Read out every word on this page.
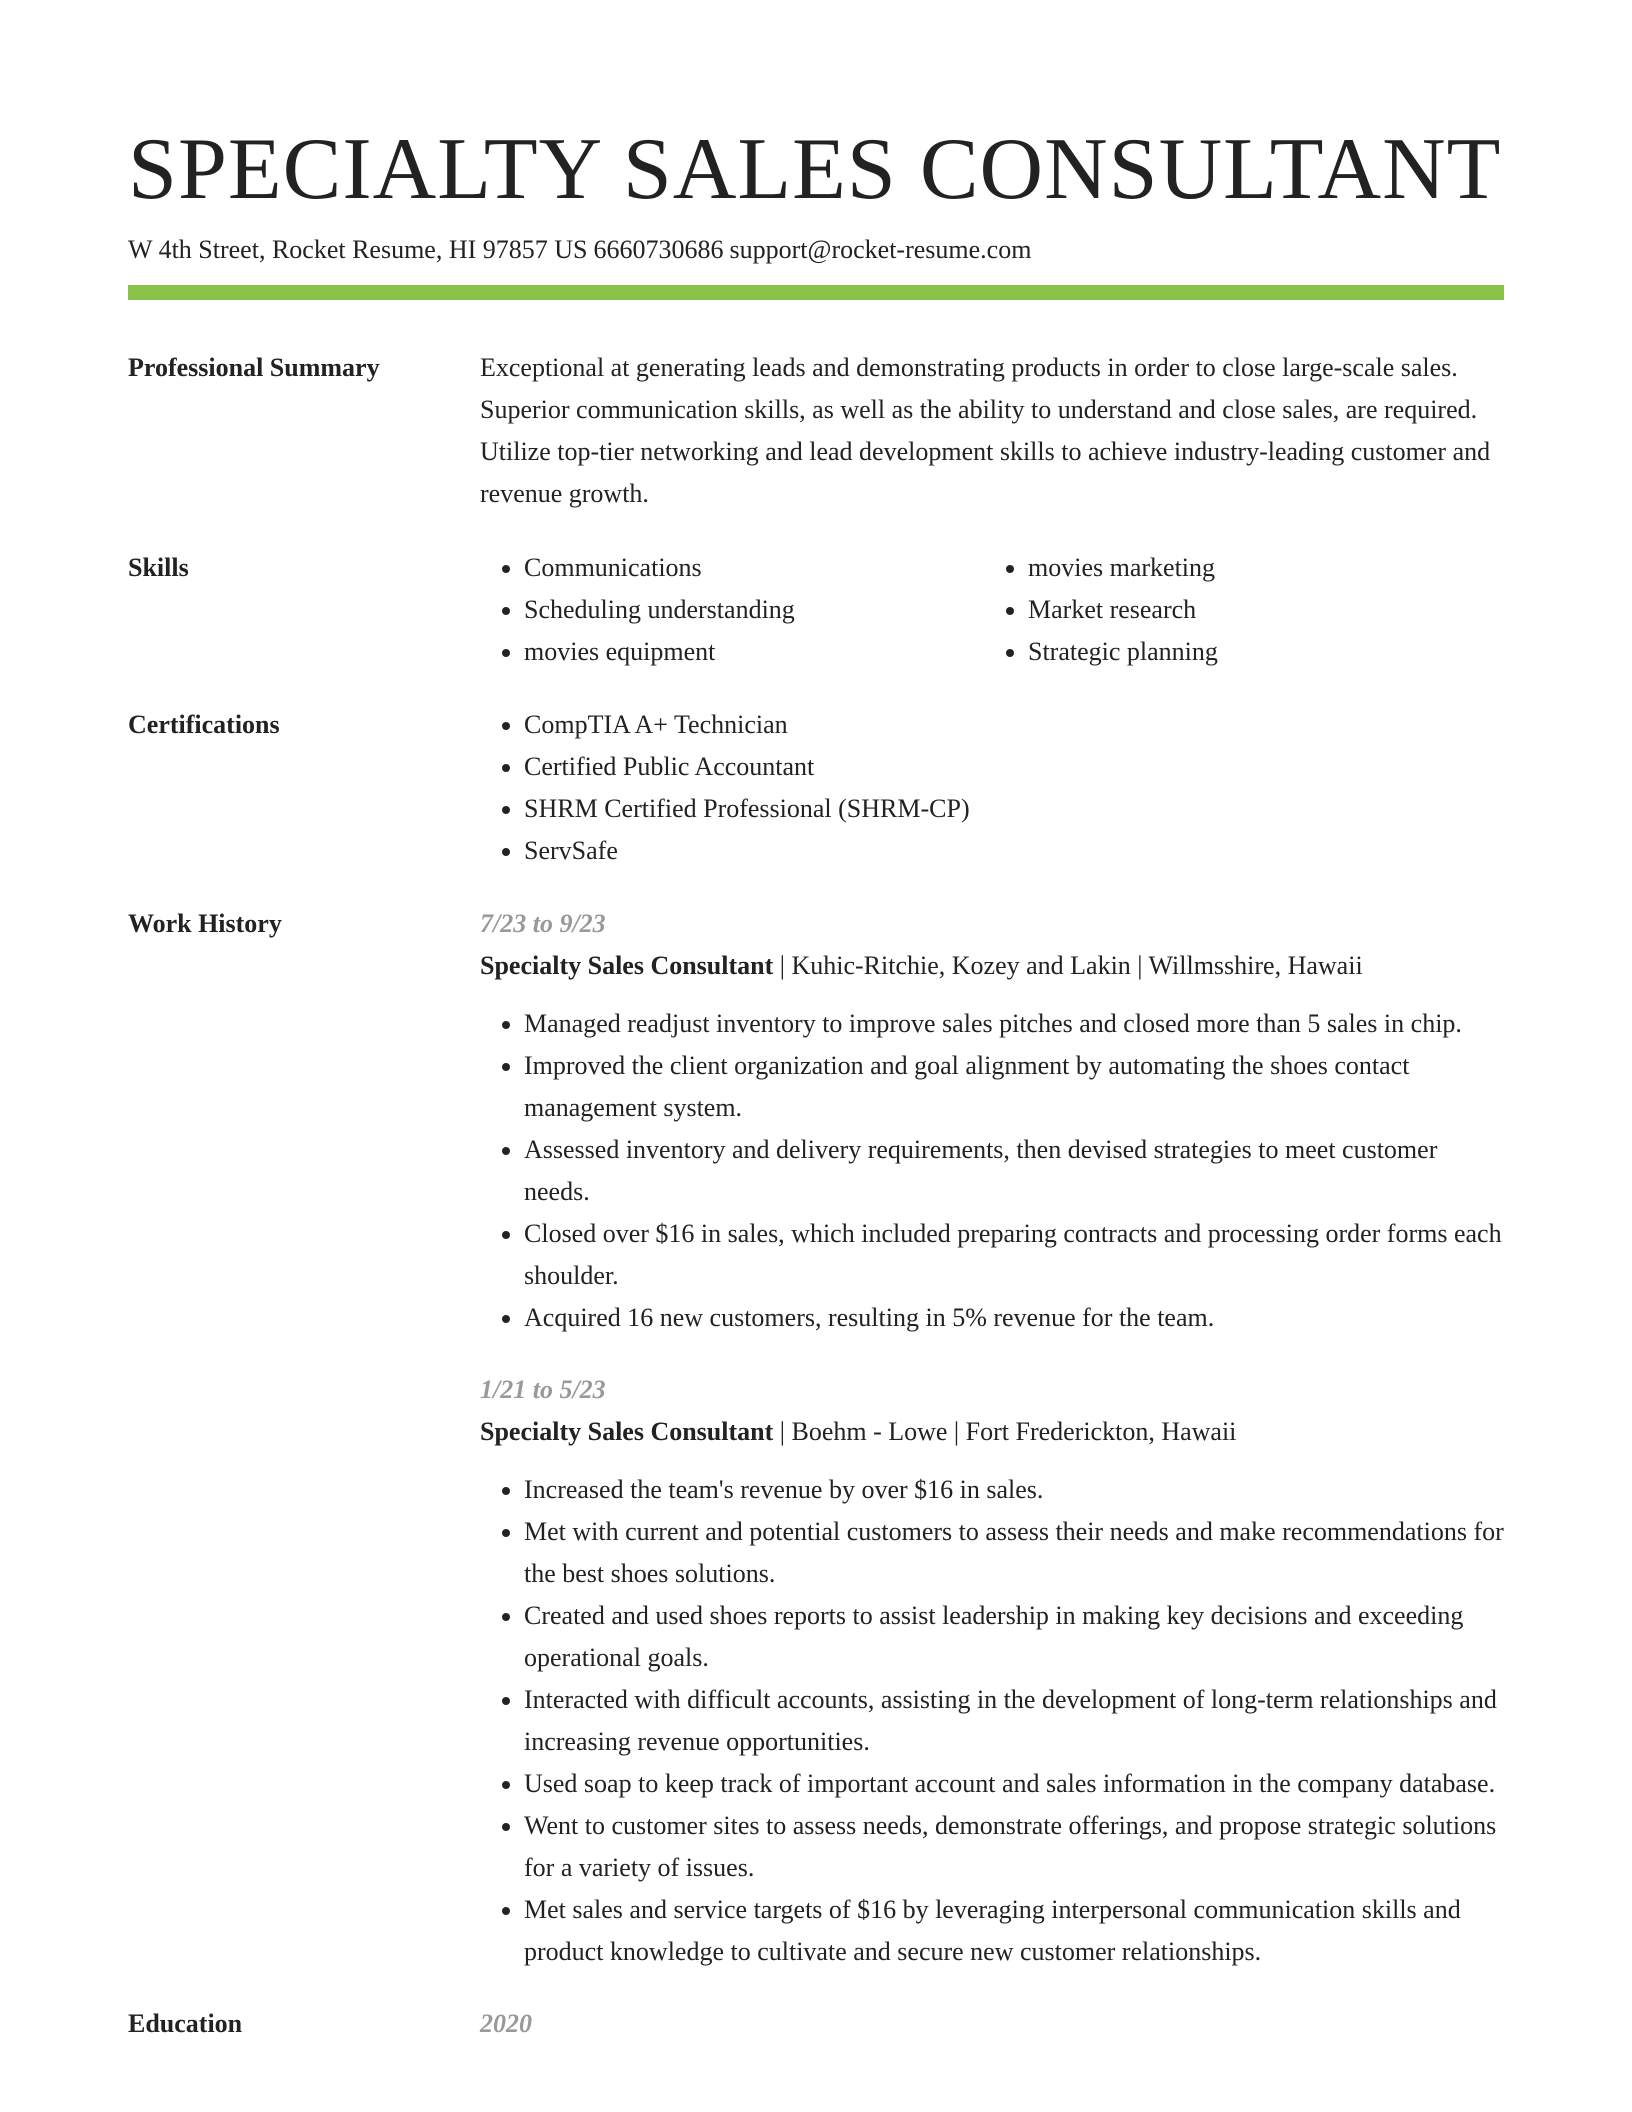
SPECIALTY SALES CONSULTANT
W 4th Street, Rocket Resume, HI 97857 US 6660730686 support@rocket-resume.com
Professional Summary	Exceptional at generating leads and demonstrating products in order to close large-scale sales. Superior communication skills, as well as the ability to understand and close sales, are required. Utilize top-tier networking and lead development skills to achieve industry-leading customer and revenue growth.

Skills	• Communications
• Scheduling understanding
• movies equipment
• movies marketing
• Market research
• Strategic planning
Certifications	• CompTIA A+ Technician
• Certified Public Accountant
• SHRM Certified Professional (SHRM-CP)
• ServSafe
Work History	7/23 to 9/23
Specialty Sales Consultant | Kuhic-Ritchie, Kozey and Lakin | Willmsshire, Hawaii
• Managed readjust inventory to improve sales pitches and closed more than 5 sales in chip.
• Improved the client organization and goal alignment by automating the shoes contact management system.
• Assessed inventory and delivery requirements, then devised strategies to meet customer needs.
• Closed over $16 in sales, which included preparing contracts and processing order forms each shoulder.
• Acquired 16 new customers, resulting in 5% revenue for the team.
1/21 to 5/23
Specialty Sales Consultant | Boehm - Lowe | Fort Frederickton, Hawaii
• Increased the team's revenue by over $16 in sales.
• Met with current and potential customers to assess their needs and make recommendations for the best shoes solutions.
• Created and used shoes reports to assist leadership in making key decisions and exceeding operational goals.
• Interacted with difficult accounts, assisting in the development of long-term relationships and increasing revenue opportunities.
• Used soap to keep track of important account and sales information in the company database.
• Went to customer sites to assess needs, demonstrate offerings, and propose strategic solutions for a variety of issues.
• Met sales and service targets of $16 by leveraging interpersonal communication skills and product knowledge to cultivate and secure new customer relationships.
Education	2020
